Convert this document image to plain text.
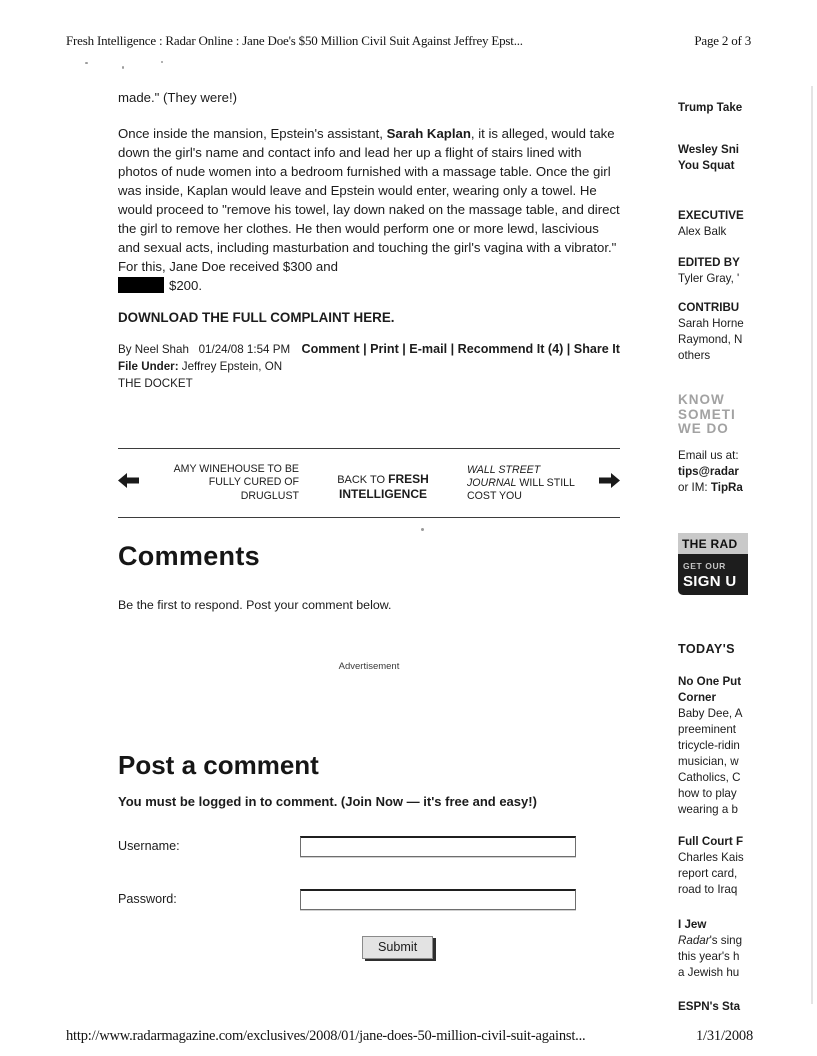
Fresh Intelligence : Radar Online : Jane Doe's $50 Million Civil Suit Against Jeffrey Epst...	Page 2 of 3
made." (They were!)
Once inside the mansion, Epstein's assistant, Sarah Kaplan, it is alleged, would take down the girl's name and contact info and lead her up a flight of stairs lined with photos of nude women into a bedroom furnished with a massage table. Once the girl was inside, Kaplan would leave and Epstein would enter, wearing only a towel. He would proceed to "remove his towel, lay down naked on the massage table, and direct the girl to remove her clothes. He then would perform one or more lewd, lascivious and sexual acts, including masturbation and touching the girl's vagina with a vibrator." For this, Jane Doe received $300 and
$200.
DOWNLOAD THE FULL COMPLAINT HERE.
By Neel Shah 01/24/08 1:54 PM
File Under: Jeffrey Epstein, ON
THE DOCKET
Comment | Print | E-mail | Recommend It (4) | Share It
AMY WINEHOUSE TO BE FULLY CURED OF DRUGLUST
BACK TO FRESH INTELLIGENCE
WALL STREET JOURNAL WILL STILL COST YOU
Comments
Be the first to respond. Post your comment below.
Advertisement
Post a comment
You must be logged in to comment. (Join Now — it's free and easy!)
Username:
Password:
Submit
Trump Take
Wesley Sni
You Squat
EXECUTIVE
Alex Balk
EDITED BY
Tyler Gray, '
CONTRIBU
Sarah Horne
Raymond, N
others
KNOW
SOMETI
WE DO
Email us at:
tips@radar
or IM: TipRa
THE RAD
GET OUR
SIGN U
TODAY'S
No One Put
Corner
Baby Dee, A
preeminent
tricycle-ridin
musician, w
Catholics, C
how to play
wearing a b
Full Court F
Charles Kais
report card,
road to Iraq
I Jew
Radar's sing
this year's h
a Jewish hu
ESPN's Sta
http://www.radarmagazine.com/exclusives/2008/01/jane-does-50-million-civil-suit-against...	1/31/2008
